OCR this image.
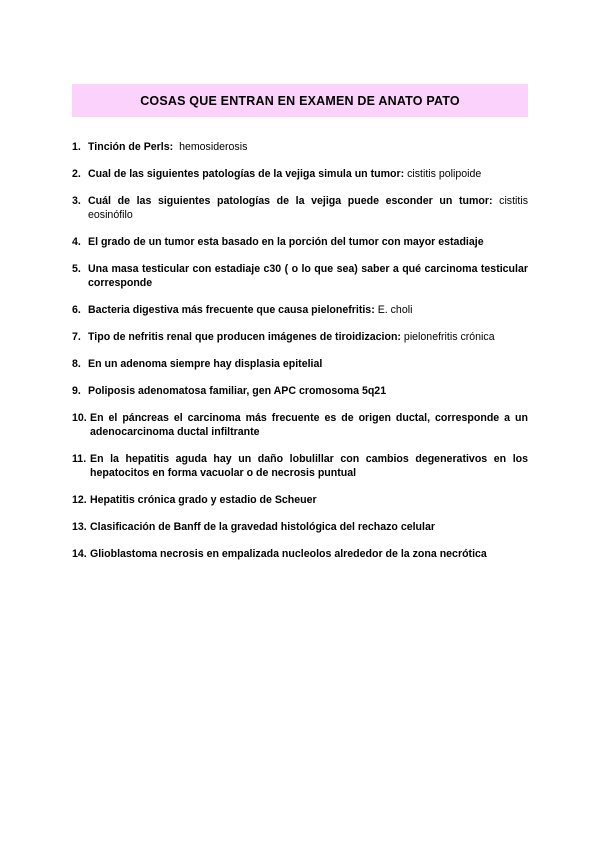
COSAS QUE ENTRAN EN EXAMEN DE ANATO PATO
1. Tinción de Perls: hemosiderosis
2. Cual de las siguientes patologías de la vejiga simula un tumor: cistitis polipoide
3. Cuál de las siguientes patologías de la vejiga puede esconder un tumor: cistitis eosinófilo
4. El grado de un tumor esta basado en la porción del tumor con mayor estadiaje
5. Una masa testicular con estadiaje c30 ( o lo que sea) saber a qué carcinoma testicular corresponde
6. Bacteria digestiva más frecuente que causa pielonefritis: E. choli
7. Tipo de nefritis renal que producen imágenes de tiroidizacion: pielonefritis crónica
8. En un adenoma siempre hay displasia epitelial
9. Poliposis adenomatosa familiar, gen APC cromosoma 5q21
10. En el páncreas el carcinoma más frecuente es de origen ductal, corresponde a un adenocarcinoma ductal infiltrante
11. En la hepatitis aguda hay un daño lobulillar con cambios degenerativos en los hepatocitos en forma vacuolar o de necrosis puntual
12. Hepatitis crónica grado y estadio de Scheuer
13. Clasificación de Banff de la gravedad histológica del rechazo celular
14. Glioblastoma necrosis en empalizada nucleolos alrededor de la zona necrótica
